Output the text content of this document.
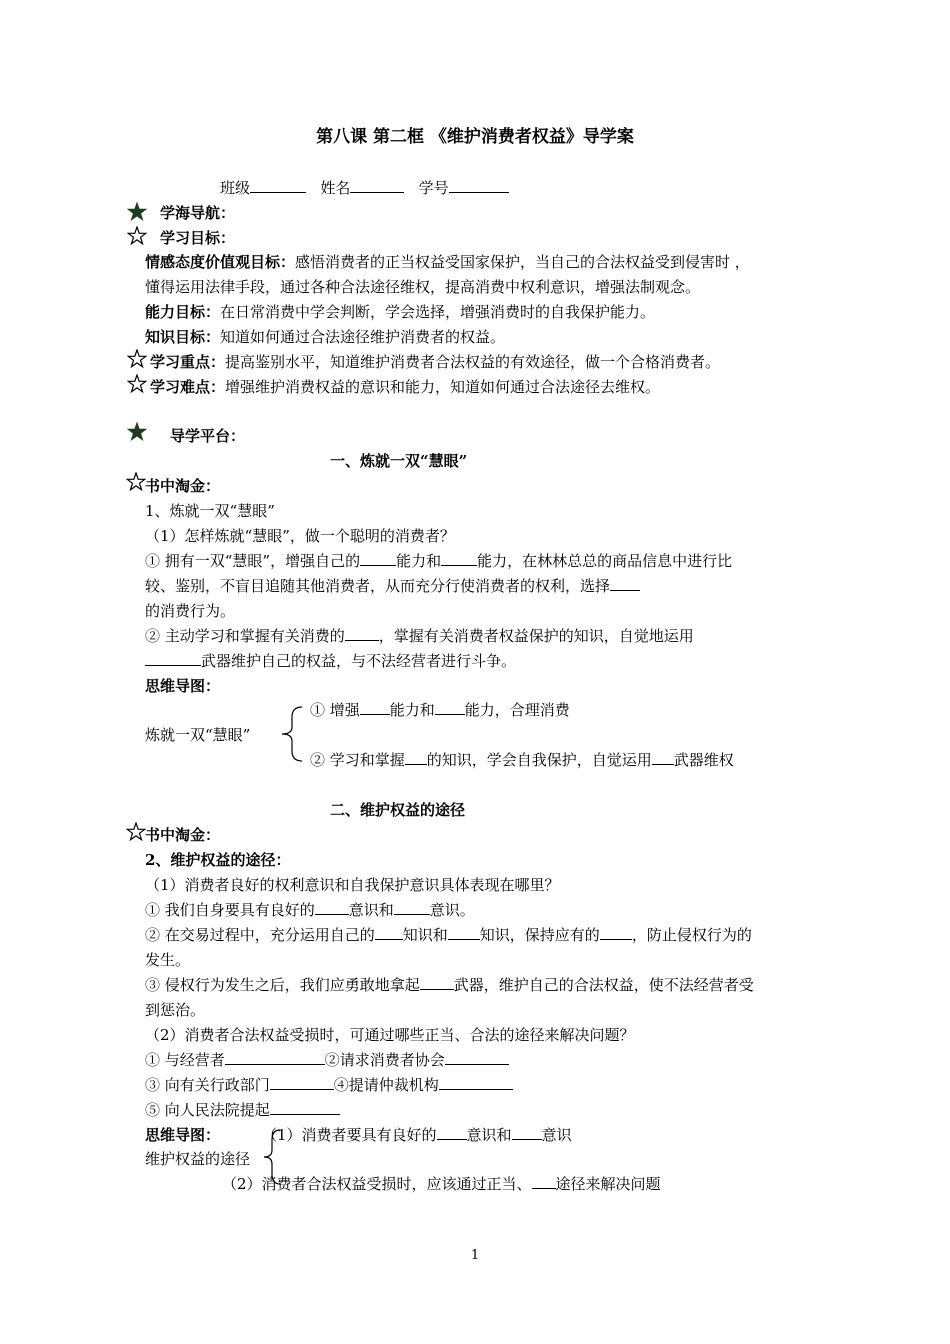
第八课 第二框 《维护消费者权益》导学案
班级	姓名	学号
学海导航：
学习目标：
情感态度价值观目标：感悟消费者的正当权益受国家保护，当自己的合法权益受到侵害时 ，
懂得运用法律手段，通过各种合法途径维权，提高消费中权利意识，增强法制观念。
能力目标：在日常消费中学会判断，学会选择，增强消费时的自我保护能力。
知识目标：知道如何通过合法途径维护消费者的权益。
学习重点：提高鉴别水平，知道维护消费者合法权益的有效途径，做一个合格消费者。
学习难点：增强维护消费权益的意识和能力，知道如何通过合法途径去维权。
导学平台：
一、炼就一双“慧眼”
书中淘金：
1、炼就一双“慧眼”
（1）怎样炼就“慧眼”，做一个聪明的消费者？
① 拥有一双“慧眼”，增强自己的 能力和 能力，在林林总总的商品信息中进行比
较、鉴别，不盲目追随其他消费者，从而充分行使消费者的权利，选择
的消费行为。
② 主动学习和掌握有关消费的 ，掌握有关消费者权益保护的知识，自觉地运用
武器维护自己的权益，与不法经营者进行斗争。
思维导图：
① 增强 能力和 能力，合理消费
炼就一双“慧眼”
② 学习和掌握 的知识，学会自我保护，自觉运用 武器维权
二、维护权益的途径
书中淘金：
2、维护权益的途径：
（1）消费者良好的权利意识和自我保护意识具体表现在哪里？
① 我们自身要具有良好的 意识和 意识。
② 在交易过程中，充分运用自己的 知识和 知识，保持应有的 ，防止侵权行为的
发生。
③ 侵权行为发生之后，我们应勇敢地拿起 武器，维护自己的合法权益，使不法经营者受
到惩治。
（2）消费者合法权益受损时，可通过哪些正当、合法的途径来解决问题？
① 与经营者	②请求消费者协会
③ 向有关行政部门	④提请仲裁机构
⑤ 向人民法院提起
思维导图：	（1）消费者要具有良好的 意识和 意识
维护权益的途径
（2）消费者合法权益受损时，应该通过正当、 途径来解决问题
1
